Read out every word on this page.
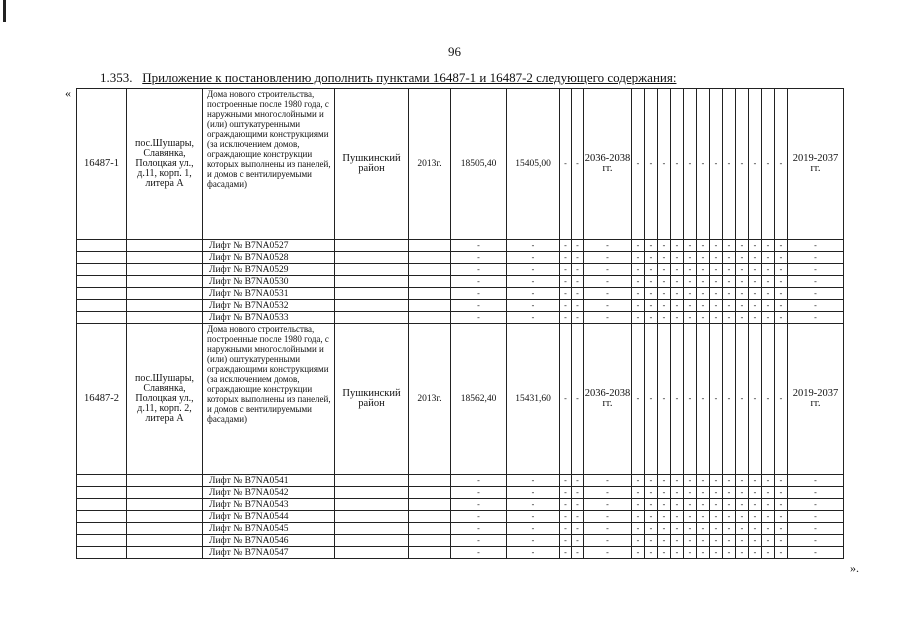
96
1.353. Приложение к постановлению дополнить пунктами 16487-1 и 16487-2 следующего содержания:
«
».
16487-1	пос.Шушары, Славянка, Полоцкая ул., д.11, корп. 1, литера А	Дома нового строительства, построенные после 1980 года, с наружными многослойными и (или) оштукатуренными ограждающими конструкциями (за исключением домов, ограждающие конструкции которых выполнены из панелей, и домов с вентилируемыми фасадами)	Пушкинский район	2013г.	18505,40	15405,00	-	-	2036-2038 гг.	-	-	-	-	-	-	-	-	-	-	-	-	2019-2037 гг.
		Лифт № B7NA0527			-	-	-	-	-	-	-	-	-	-	-	-	-	-	-	-	-	-
		Лифт № B7NA0528			-	-	-	-	-	-	-	-	-	-	-	-	-	-	-	-	-	-
		Лифт № B7NA0529			-	-	-	-	-	-	-	-	-	-	-	-	-	-	-	-	-	-
		Лифт № B7NA0530			-	-	-	-	-	-	-	-	-	-	-	-	-	-	-	-	-	-
		Лифт № B7NA0531			-	-	-	-	-	-	-	-	-	-	-	-	-	-	-	-	-	-
		Лифт № B7NA0532			-	-	-	-	-	-	-	-	-	-	-	-	-	-	-	-	-	-
		Лифт № B7NA0533			-	-	-	-	-	-	-	-	-	-	-	-	-	-	-	-	-	-
16487-2	пос.Шушары, Славянка, Полоцкая ул., д.11, корп. 2, литера А	Дома нового строительства, построенные после 1980 года, с наружными многослойными и (или) оштукатуренными ограждающими конструкциями (за исключением домов, ограждающие конструкции которых выполнены из панелей, и домов с вентилируемыми фасадами)	Пушкинский район	2013г.	18562,40	15431,60	-	-	2036-2038 гг.	-	-	-	-	-	-	-	-	-	-	-	-	2019-2037 гг.
		Лифт № B7NA0541			-	-	-	-	-	-	-	-	-	-	-	-	-	-	-	-	-	-
		Лифт № B7NA0542			-	-	-	-	-	-	-	-	-	-	-	-	-	-	-	-	-	-
		Лифт № B7NA0543			-	-	-	-	-	-	-	-	-	-	-	-	-	-	-	-	-	-
		Лифт № B7NA0544			-	-	-	-	-	-	-	-	-	-	-	-	-	-	-	-	-	-
		Лифт № B7NA0545			-	-	-	-	-	-	-	-	-	-	-	-	-	-	-	-	-	-
		Лифт № B7NA0546			-	-	-	-	-	-	-	-	-	-	-	-	-	-	-	-	-	-
		Лифт № B7NA0547			-	-	-	-	-	-	-	-	-	-	-	-	-	-	-	-	-	-
